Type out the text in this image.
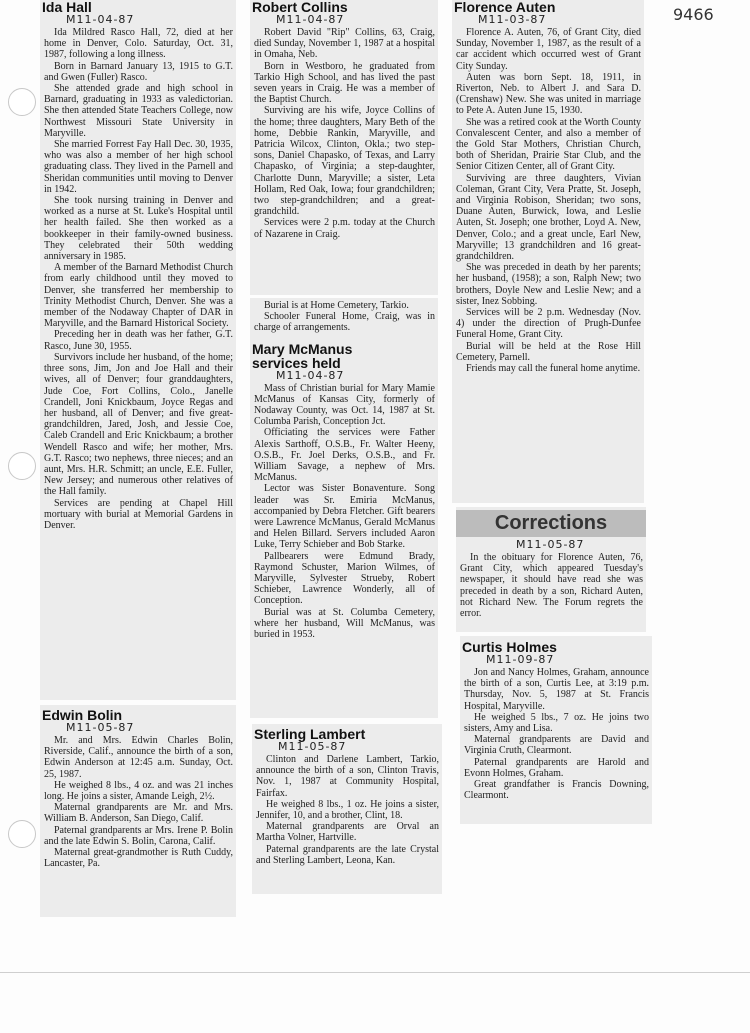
9466
Ida Hall
M11-04-87

Ida Mildred Rasco Hall, 72, died at her home in Denver, Colo. Saturday, Oct. 31, 1987, following a long illness.

Born in Barnard January 13, 1915 to G.T. and Gwen (Fuller) Rasco.

She attended grade and high school in Barnard, graduating in 1933 as valedictorian. She then attended State Teachers College, now Northwest Missouri State University in Maryville.

She married Forrest Fay Hall Dec. 30, 1935, who was also a member of her high school graduating class. They lived in the Parnell and Sheridan communities until moving to Denver in 1942.

She took nursing training in Denver and worked as a nurse at St. Luke's Hospital until her health failed. She then worked as a bookkeeper in their family-owned business. They celebrated their 50th wedding anniversary in 1985.

A member of the Barnard Methodist Church from early childhood until they moved to Denver, she transferred her membership to Trinity Methodist Church, Denver. She was a member of the Nodaway Chapter of DAR in Maryville, and the Barnard Historical Society.

Preceding her in death was her father, G.T. Rasco, June 30, 1955.

Survivors include her husband, of the home; three sons, Jim, Jon and Joe Hall and their wives, all of Denver; four granddaughters, Jude Coe, Fort Collins, Colo., Janelle Crandell, Joni Knickbaum, Joyce Regas and her husband, all of Denver; and five great-grandchildren, Jared, Josh, and Jessie Coe, Caleb Crandell and Eric Knickbaum; a brother Wendell Rasco and wife; her mother, Mrs. G.T. Rasco; two nephews, three nieces; and an aunt, Mrs. H.R. Schmitt; an uncle, E.E. Fuller, New Jersey; and numerous other relatives of the Hall family.

Services are pending at Chapel Hill mortuary with burial at Memorial Gardens in Denver.

Edwin Bolin
M11-05-87

Mr. and Mrs. Edwin Charles Bolin, Riverside, Calif., announce the birth of a son, Edwin Anderson at 12:45 a.m. Sunday, Oct. 25, 1987.

He weighed 8 lbs., 4 oz. and was 21 inches long. He joins a sister, Amande Leigh, 2½.

Maternal grandparents are Mr. and Mrs. William B. Anderson, San Diego, Calif.

Paternal grandparents ar Mrs. Irene P. Bolin and the late Edwin S. Bolin, Carona, Calif.

Maternal great-grandmother is Ruth Cuddy, Lancaster, Pa.

Robert Collins
M11-04-87

Robert David "Rip" Collins, 63, Craig, died Sunday, November 1, 1987 at a hospital in Omaha, Neb.

Born in Westboro, he graduated from Tarkio High School, and has lived the past seven years in Craig. He was a member of the Baptist Church.

Surviving are his wife, Joyce Collins of the home; three daughters, Mary Beth of the home, Debbie Rankin, Maryville, and Patricia Wilcox, Clinton, Okla.; two step-sons, Daniel Chapasko, of Texas, and Larry Chapasko, of Virginia; a step-daughter, Charlotte Dunn, Maryville; a sister, Leta Hollam, Red Oak, Iowa; four grandchildren; two step-grandchildren; and a great-grandchild.

Services were 2 p.m. today at the Church of Nazarene in Craig.

Burial is at Home Cemetery, Tarkio.

Schooler Funeral Home, Craig, was in charge of arrangements.

Mary McManus
services held
M11-04-87

Mass of Christian burial for Mary Mamie McManus of Kansas City, formerly of Nodaway County, was Oct. 14, 1987 at St. Columba Parish, Conception Jct.

Officiating the services were Father Alexis Sarthoff, O.S.B., Fr. Walter Heeny, O.S.B., Fr. Joel Derks, O.S.B., and Fr. William Savage, a nephew of Mrs. McManus.

Lector was Sister Bonaventure. Song leader was Sr. Emiria McManus, accompanied by Debra Fletcher. Gift bearers were Lawrence McManus, Gerald McManus and Helen Billard. Servers included Aaron Luke, Terry Schieber and Bob Starke.

Pallbearers were Edmund Brady, Raymond Schuster, Marion Wilmes, of Maryville, Sylvester Strueby, Robert Schieber, Lawrence Wonderly, all of Conception.

Burial was at St. Columba Cemetery, where her husband, Will McManus, was buried in 1953.

Sterling Lambert
M11-05-87

Clinton and Darlene Lambert, Tarkio, announce the birth of a son, Clinton Travis, Nov. 1, 1987 at Community Hospital, Fairfax.

He weighed 8 lbs., 1 oz. He joins a sister, Jennifer, 10, and a brother, Clint, 18.

Maternal grandparents are Orval an Martha Volner, Hartville.

Paternal grandparents are the late Crystal and Sterling Lambert, Leona, Kan.

Florence Auten
M11-03-87

Florence A. Auten, 76, of Grant City, died Sunday, November 1, 1987, as the result of a car accident which occurred west of Grant City Sunday.

Auten was born Sept. 18, 1911, in Riverton, Neb. to Albert J. and Sara D. (Crenshaw) New. She was united in marriage to Pete A. Auten June 15, 1930.

She was a retired cook at the Worth County Convalescent Center, and also a member of the Gold Star Mothers, Christian Church, both of Sheridan, Prairie Star Club, and the Senior Citizen Center, all of Grant City.

Surviving are three daughters, Vivian Coleman, Grant City, Vera Pratte, St. Joseph, and Virginia Robison, Sheridan; two sons, Duane Auten, Burwick, Iowa, and Leslie Auten, St. Joseph; one brother, Loyd A. New, Denver, Colo.; and a great uncle, Earl New, Maryville; 13 grandchildren and 16 great-grandchildren.

She was preceded in death by her parents; her husband, (1958); a son, Ralph New; two brothers, Doyle New and Leslie New; and a sister, Inez Sobbing.

Services will be 2 p.m. Wednesday (Nov. 4) under the direction of Prugh-Dunfee Funeral Home, Grant City.

Burial will be held at the Rose Hill Cemetery, Parnell.

Friends may call the funeral home anytime.

Corrections
M11-05-87

In the obituary for Florence Auten, 76, Grant City, which appeared Tuesday's newspaper, it should have read she was preceded in death by a son, Richard Auten, not Richard New. The Forum regrets the error.

Curtis Holmes
M11-09-87

Jon and Nancy Holmes, Graham, announce the birth of a son, Curtis Lee, at 3:19 p.m. Thursday, Nov. 5, 1987 at St. Francis Hospital, Maryville.

He weighed 5 lbs., 7 oz. He joins two sisters, Amy and Lisa.

Maternal grandparents are David and Virginia Cruth, Clearmont.

Paternal grandparents are Harold and Evonn Holmes, Graham.

Great grandfather is Francis Downing, Clearmont.
